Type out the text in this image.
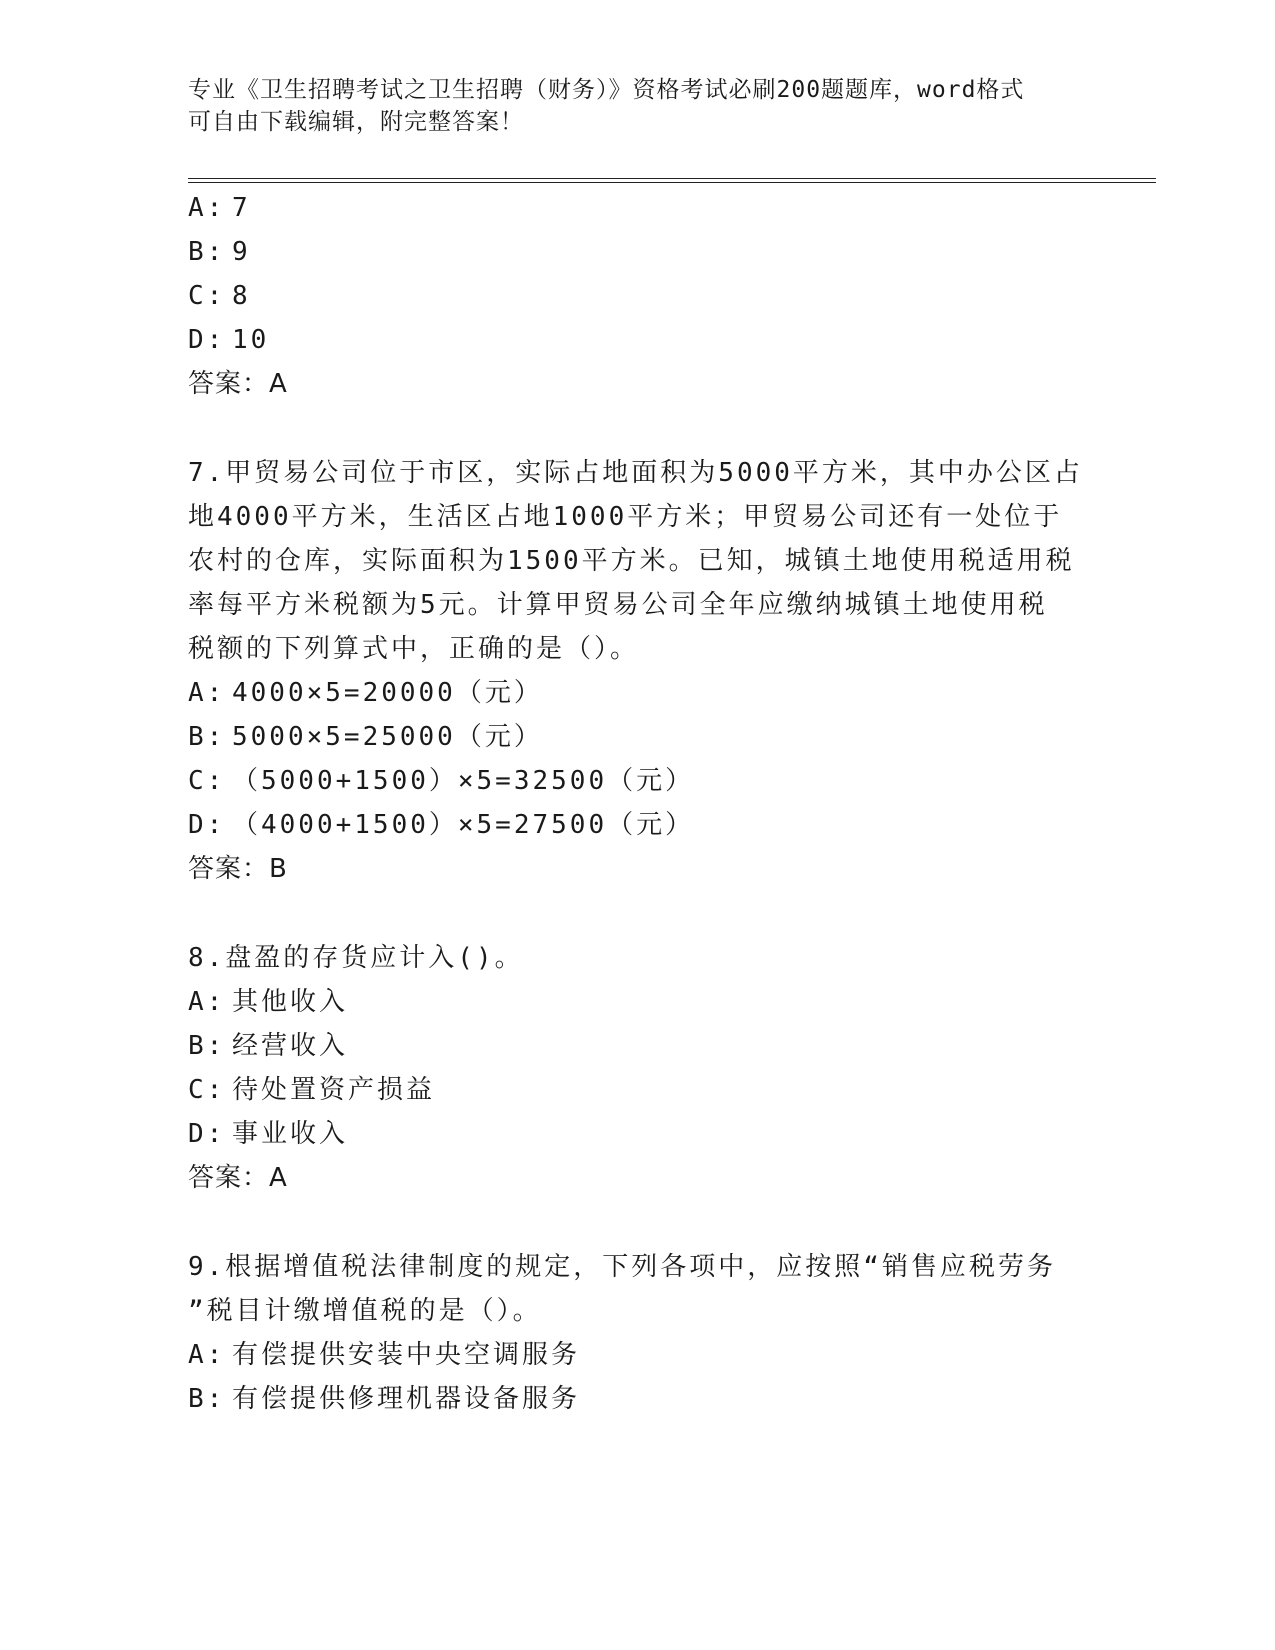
专业《卫生招聘考试之卫生招聘（财务）》资格考试必刷200题题库，word格式
可自由下载编辑，附完整答案！
A: 7
B: 9
C: 8
D: 10
答案：A
7.甲贸易公司位于市区，实际占地面积为5000平方米，其中办公区占
地4000平方米，生活区占地1000平方米；甲贸易公司还有一处位于
农村的仓库，实际面积为1500平方米。已知，城镇土地使用税适用税
率每平方米税额为5元。计算甲贸易公司全年应缴纳城镇土地使用税
税额的下列算式中，正确的是（）。
A: 4000×5=20000（元）
B: 5000×5=25000（元）
C: （5000+1500）×5=32500（元）
D: （4000+1500）×5=27500（元）
答案：B
8.盘盈的存货应计入()。
A: 其他收入
B: 经营收入
C: 待处置资产损益
D: 事业收入
答案：A
9.根据增值税法律制度的规定，下列各项中，应按照“销售应税劳务
”税目计缴增值税的是（）。
A: 有偿提供安装中央空调服务
B: 有偿提供修理机器设备服务
